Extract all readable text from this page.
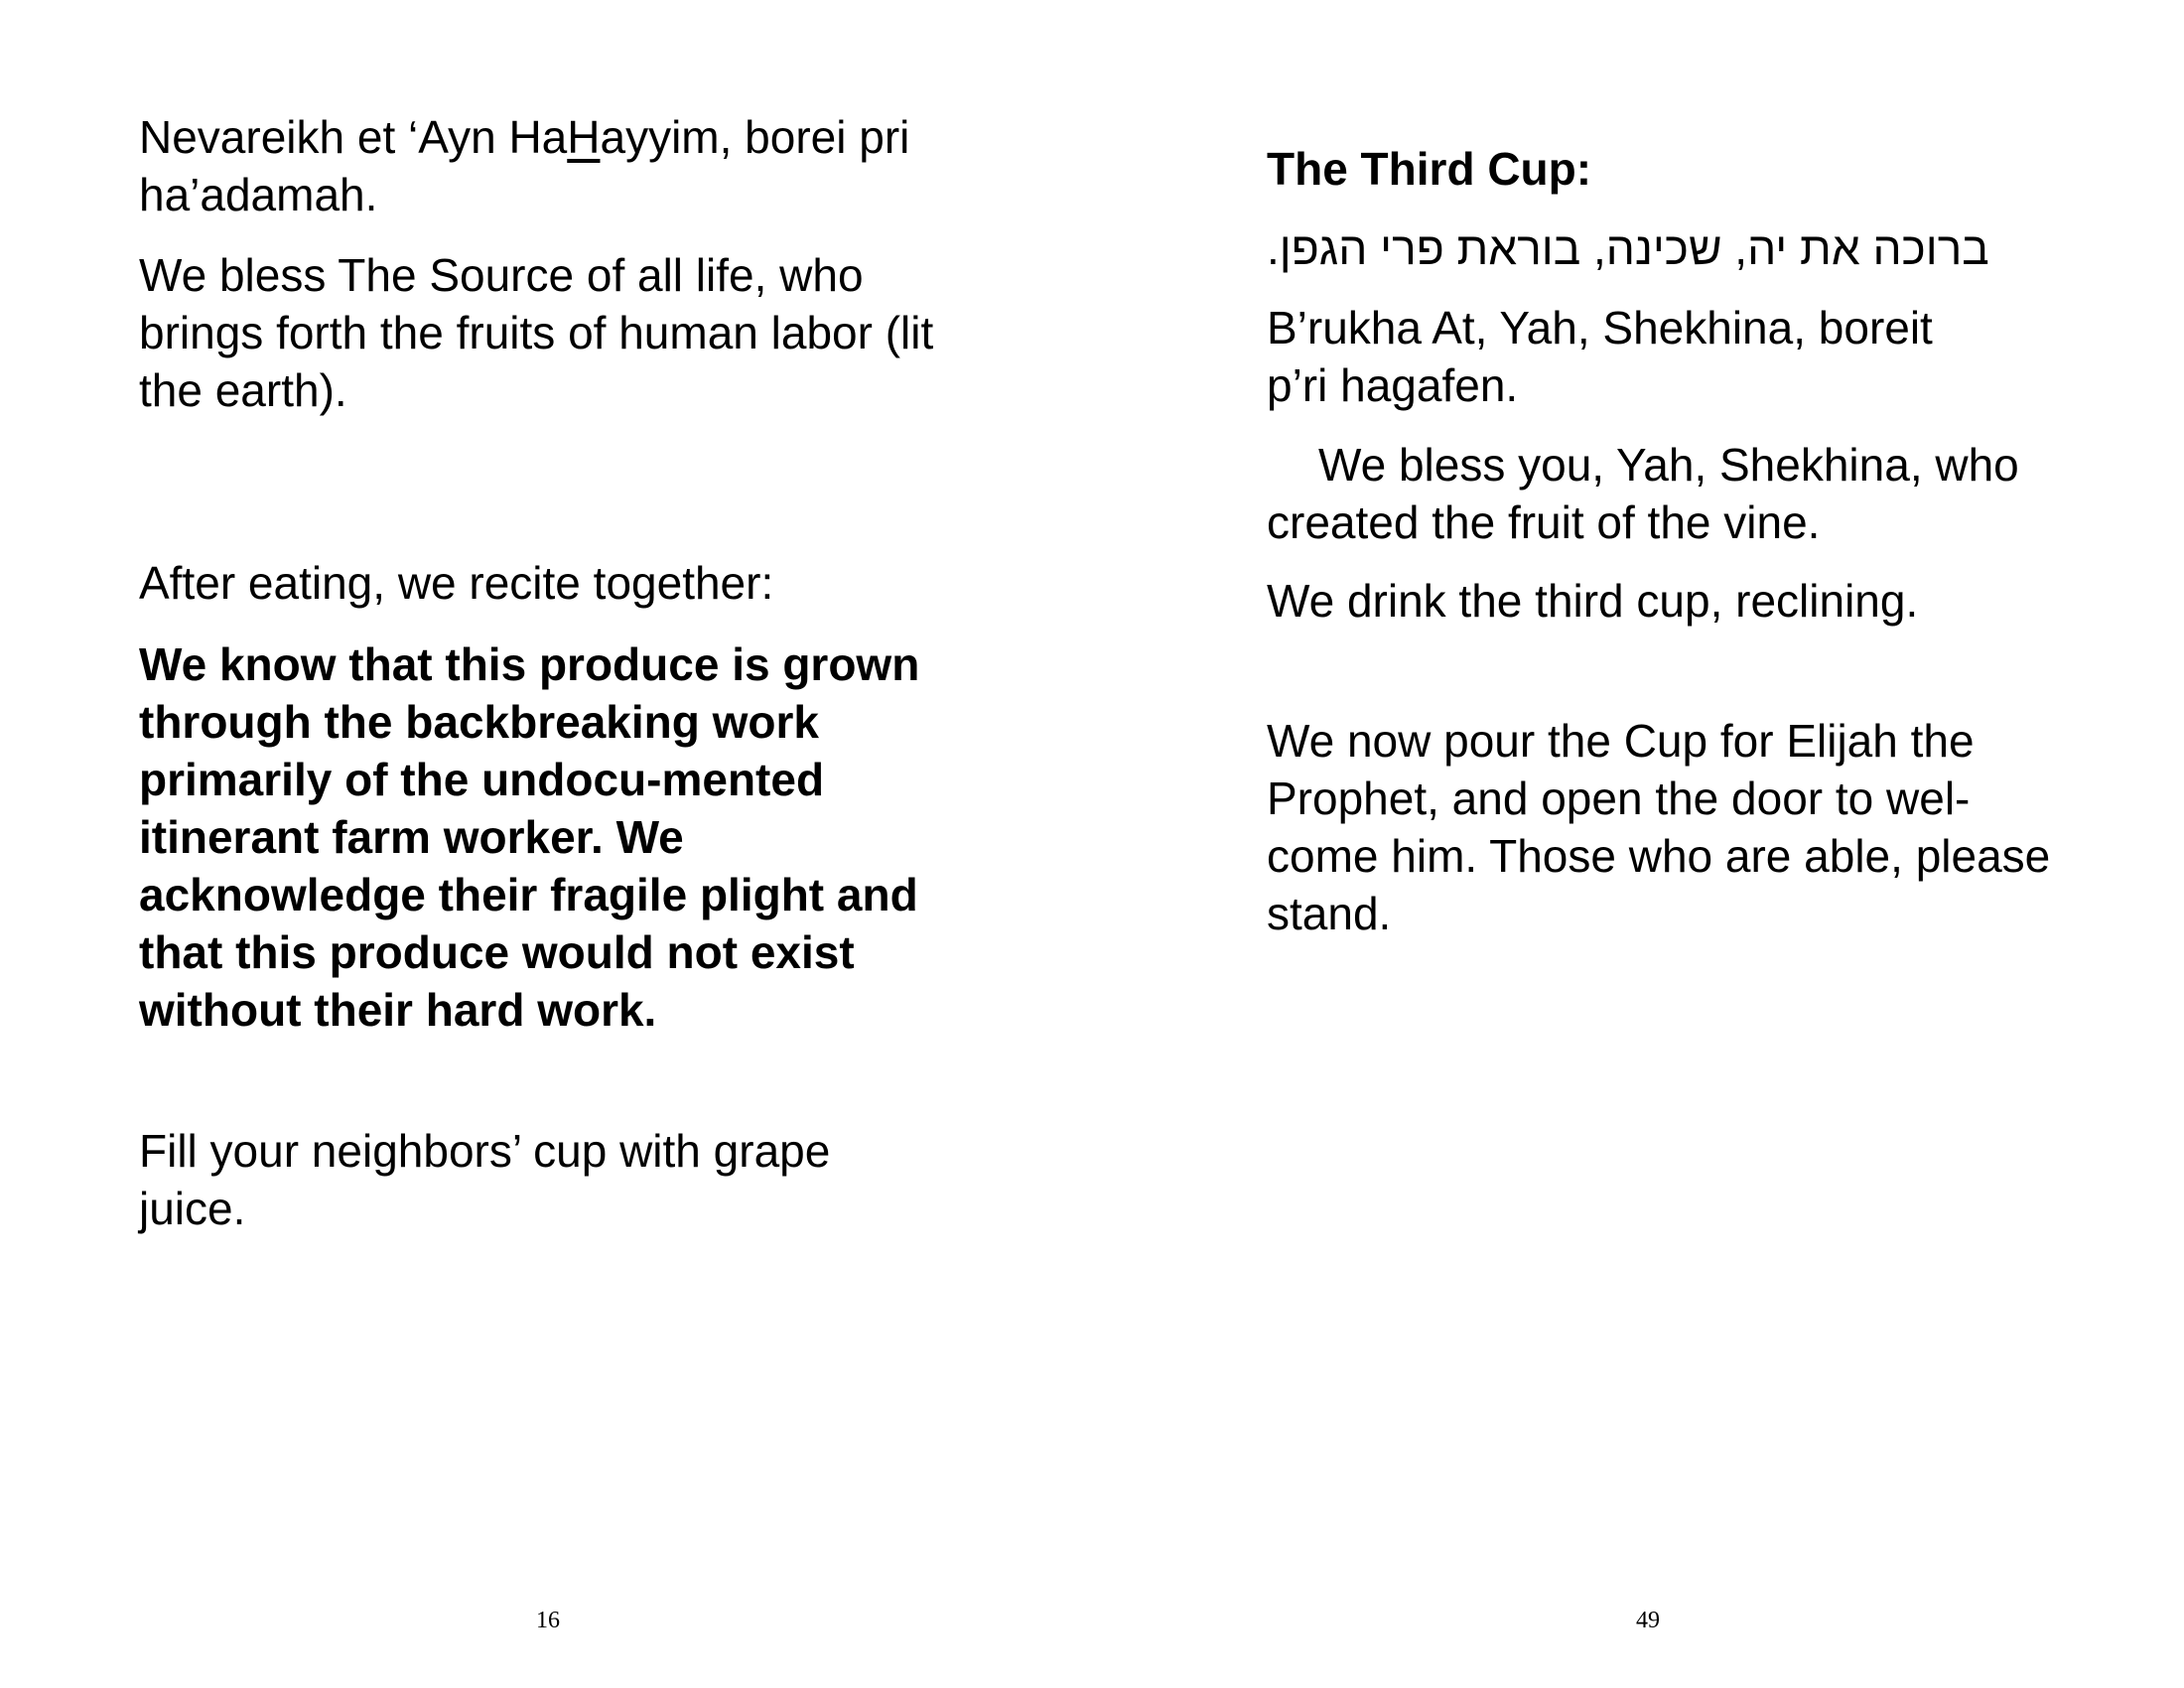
Nevareikh et ‘Ayn HaHayyim, borei pri ha’adamah.

We bless The Source of all life, who brings forth the fruits of human labor (lit the earth).

After eating, we recite together:

We know that this produce is grown through the backbreaking work primarily of the undocu-mented itinerant farm worker. We acknowledge their fragile plight and that this produce would not exist without their hard work.

Fill your neighbors’ cup with grape juice.

16

The Third Cup:

ברוכה את יה, שכינה, בוראת פרי הגפן.

B’rukha At, Yah, Shekhina, boreit p’ri hagafen.

We bless you, Yah, Shekhina, who created the fruit of the vine.

We drink the third cup, reclining.

We now pour the Cup for Elijah the Prophet, and open the door to wel-come him. Those who are able, please stand.

49
